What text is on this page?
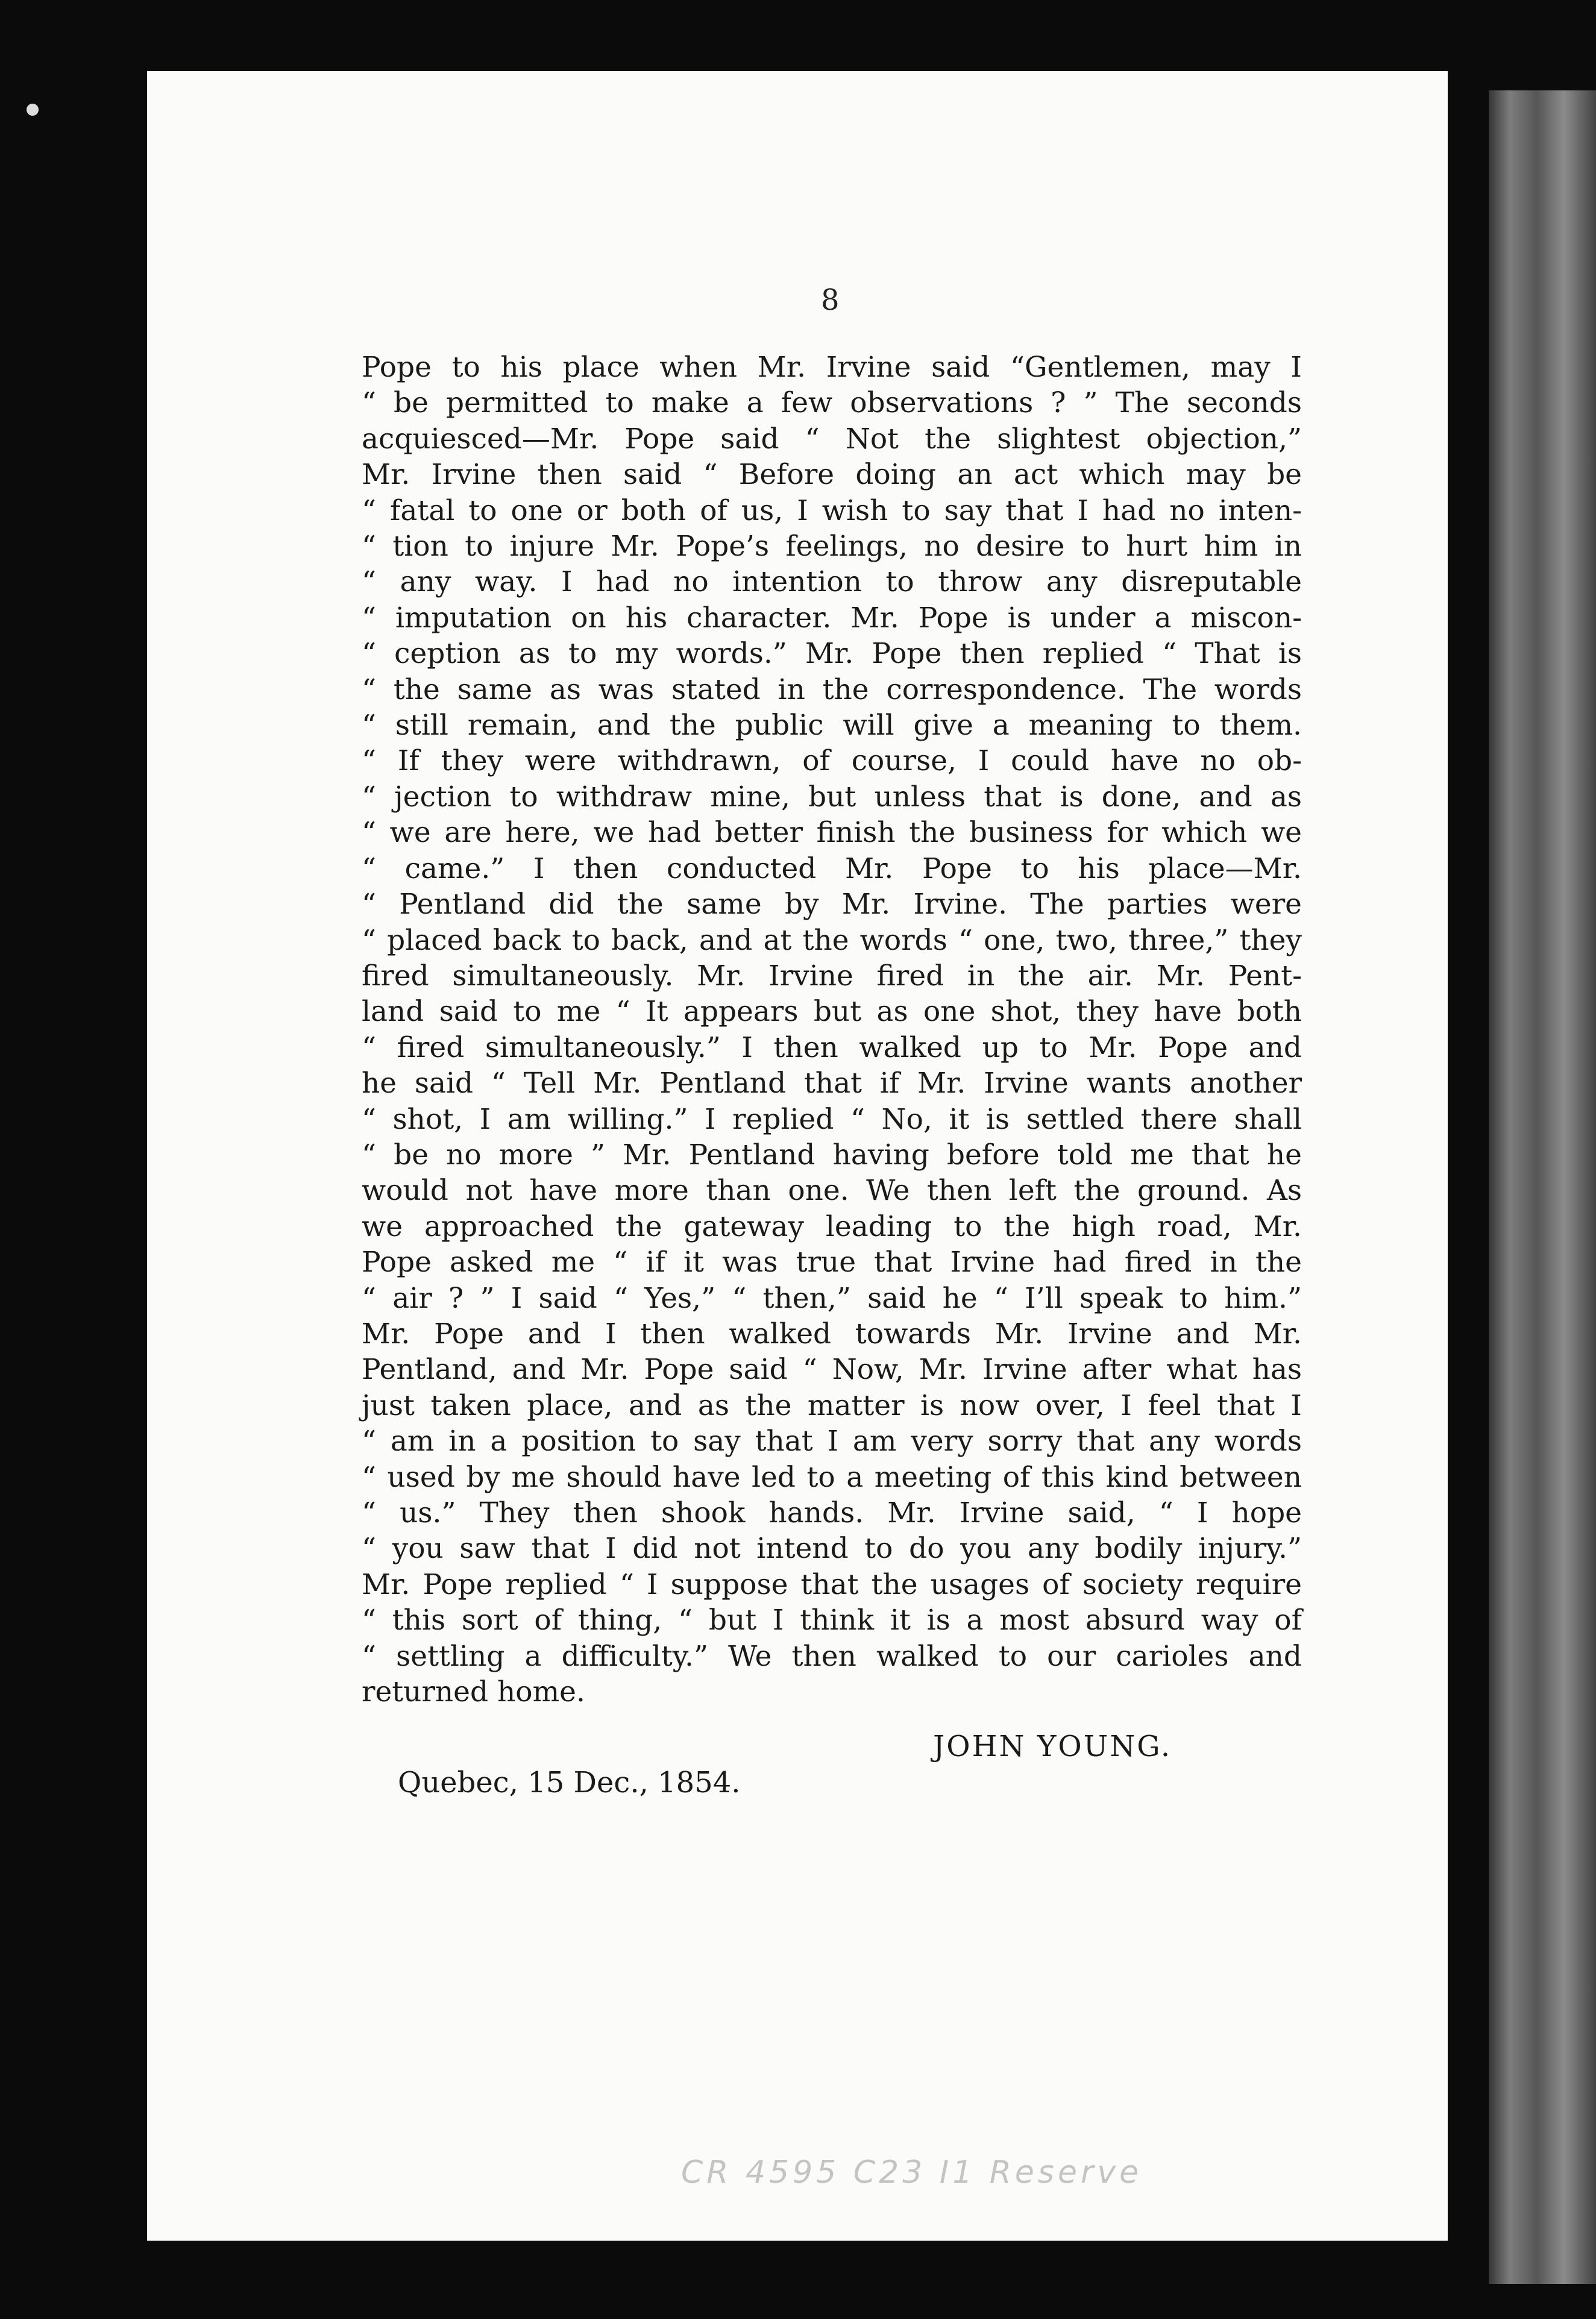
8
Pope to his place when Mr. Irvine said “Gentlemen, may I
“ be permitted to make a few observations ? ” The seconds
acquiesced—Mr. Pope said “ Not the slightest objection,”
Mr. Irvine then said “ Before doing an act which may be
“ fatal to one or both of us, I wish to say that I had no inten-
“ tion to injure Mr. Pope’s feelings, no desire to hurt him in
“ any way. I had no intention to throw any disreputable
“ imputation on his character. Mr. Pope is under a miscon-
“ ception as to my words.” Mr. Pope then replied “ That is
“ the same as was stated in the correspondence. The words
“ still remain, and the public will give a meaning to them.
“ If they were withdrawn, of course, I could have no ob-
“ jection to withdraw mine, but unless that is done, and as
“ we are here, we had better finish the business for which we
“ came.” I then conducted Mr. Pope to his place—Mr.
“ Pentland did the same by Mr. Irvine. The parties were
“ placed back to back, and at the words “ one, two, three,” they
fired simultaneously. Mr. Irvine fired in the air. Mr. Pent-
land said to me “ It appears but as one shot, they have both
“ fired simultaneously.” I then walked up to Mr. Pope and
he said “ Tell Mr. Pentland that if Mr. Irvine wants another
“ shot, I am willing.” I replied “ No, it is settled there shall
“ be no more ” Mr. Pentland having before told me that he
would not have more than one. We then left the ground. As
we approached the gateway leading to the high road, Mr.
Pope asked me “ if it was true that Irvine had fired in the
“ air ? ” I said “ Yes,” “ then,” said he “ I’ll speak to him.”
Mr. Pope and I then walked towards Mr. Irvine and Mr.
Pentland, and Mr. Pope said “ Now, Mr. Irvine after what has
just taken place, and as the matter is now over, I feel that I
“ am in a position to say that I am very sorry that any words
“ used by me should have led to a meeting of this kind between
“ us.” They then shook hands. Mr. Irvine said, “ I hope
“ you saw that I did not intend to do you any bodily injury.”
Mr. Pope replied “ I suppose that the usages of society require
“ this sort of thing, “ but I think it is a most absurd way of
“ settling a difficulty.” We then walked to our carioles and
returned home.
JOHN YOUNG.
Quebec, 15 Dec., 1854.
CR 4595 C23 I1 Reserve
